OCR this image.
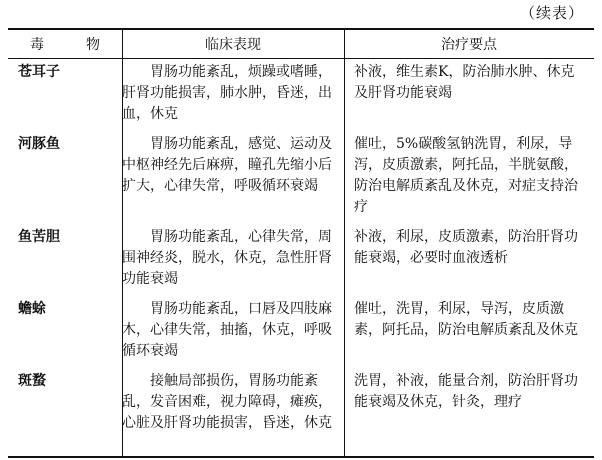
（续表）
毒　物	临床表现	治疗要点
苍耳子	胃肠功能紊乱，烦躁或嗜睡，肝肾功能损害，肺水肿，昏迷，出血，休克	补液，维生素K，防治肺水肿、休克及肝肾功能衰竭
河豚鱼	胃肠功能紊乱，感觉、运动及中枢神经先后麻痹，瞳孔先缩小后扩大，心律失常，呼吸循环衰竭	催吐，5%碳酸氢钠洗胃，利尿，导泻，皮质激素，阿托品，半胱氨酸，防治电解质紊乱及休克，对症支持治疗
鱼苦胆	胃肠功能紊乱，心律失常，周围神经炎，脱水，休克，急性肝肾功能衰竭	补液，利尿，皮质激素，防治肝肾功能衰竭，必要时血液透析
蟾蜍	胃肠功能紊乱，口唇及四肢麻木，心律失常，抽搐，休克，呼吸循环衰竭	催吐，洗胃，利尿，导泻，皮质激素，阿托品，防治电解质紊乱及休克
斑蝥	接触局部损伤，胃肠功能紊乱，发音困难，视力障碍，瘫痪，心脏及肝肾功能损害，昏迷，休克	洗胃，补液，能量合剂，防治肝肾功能衰竭及休克，针灸，理疗
